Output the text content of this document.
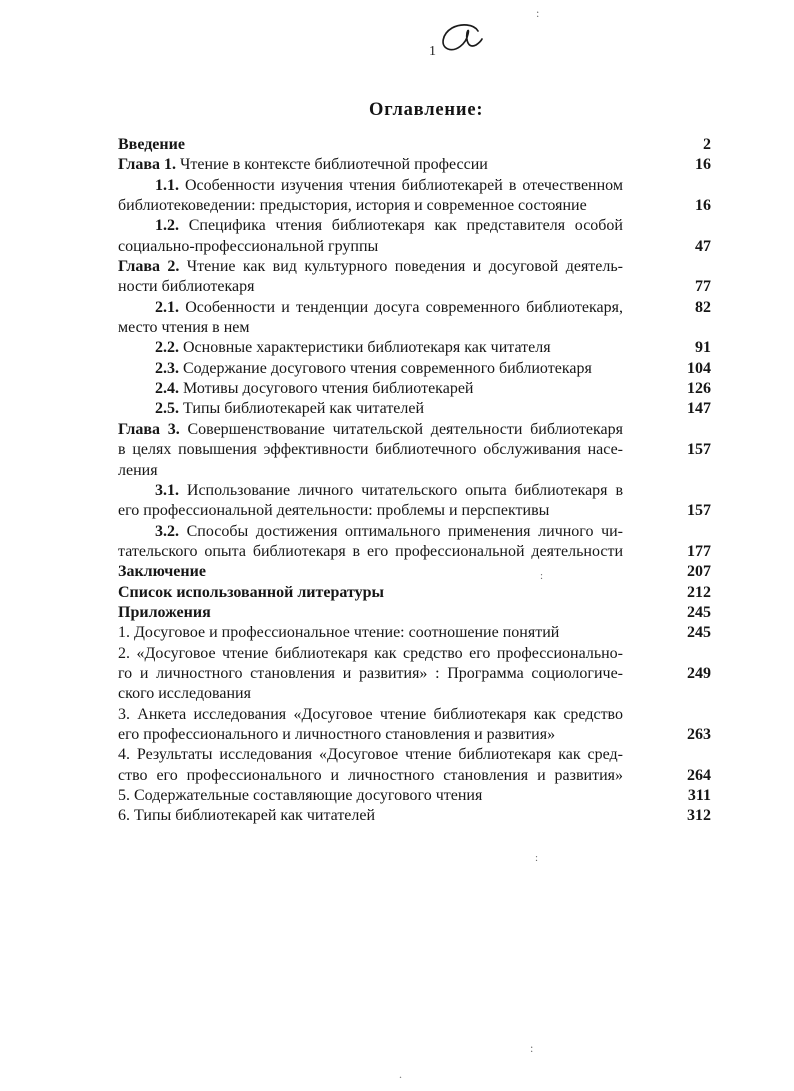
:
1
Оглавление:
Введение	2
Глава 1. Чтение в контексте библиотечной профессии	16
1.1. Особенности изучения чтения библиотекарей в отечественном
библиотековедении: предыстория, история и современное состояние	16
1.2. Специфика чтения библиотекаря как представителя особой
социально-профессиональной группы	47
Глава 2. Чтение как вид культурного поведения и досуговой деятель-
ности библиотекаря	77
2.1. Особенности и тенденции досуга современного библиотекаря,	82
место чтения в нем
2.2. Основные характеристики библиотекаря как читателя	91
2.3. Содержание досугового чтения современного библиотекаря	104
2.4. Мотивы досугового чтения библиотекарей	126
2.5. Типы библиотекарей как читателей	147
Глава 3. Совершенствование читательской деятельности библиотекаря
в целях повышения эффективности библиотечного обслуживания насе-	157
ления
3.1. Использование личного читательского опыта библиотекаря в
его профессиональной деятельности: проблемы и перспективы	157
3.2. Способы достижения оптимального применения личного чи-
тательского опыта библиотекаря в его профессиональной деятельности	177
Заключение	207
Список использованной литературы	212
Приложения	245
1. Досуговое и профессиональное чтение: соотношение понятий	245
2. «Досуговое чтение библиотекаря как средство его профессионально-
го и личностного становления и развития» : Программа социологиче-	249
ского исследования
3. Анкета исследования «Досуговое чтение библиотекаря как средство
его профессионального и личностного становления и развития»	263
4. Результаты исследования «Досуговое чтение библиотекаря как сред-
ство его профессионального и личностного становления и развития»	264
5. Содержательные составляющие досугового чтения	311
6. Типы библиотекарей как читателей	312
:
:
:
.
